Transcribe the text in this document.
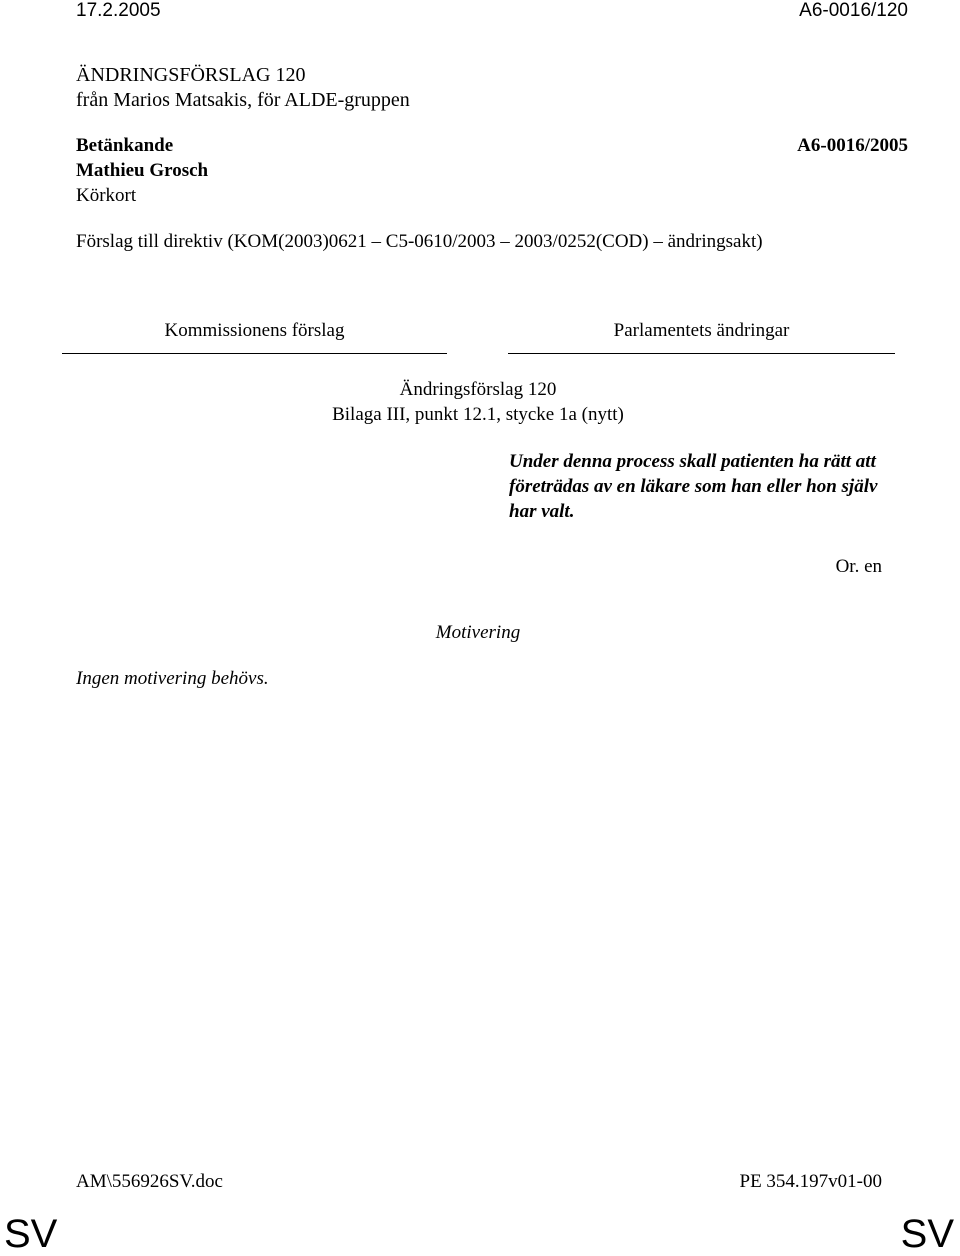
17.2.2005	A6-0016/120
ÄNDRINGSFÖRSLAG 120
från Marios Matsakis, för ALDE-gruppen
Betänkande	A6-0016/2005
Mathieu Grosch
Körkort
Förslag till direktiv (KOM(2003)0621 – C5-0610/2003 – 2003/0252(COD) – ändringsakt)
Kommissionens förslag	Parlamentets ändringar
Ändringsförslag 120
Bilaga III, punkt 12.1, stycke 1a (nytt)
Under denna process skall patienten ha rätt att företrädas av en läkare som han eller hon själv har valt.
Or. en
Motivering
Ingen motivering behövs.
AM\556926SV.doc	PE 354.197v01-00
SV	SV
